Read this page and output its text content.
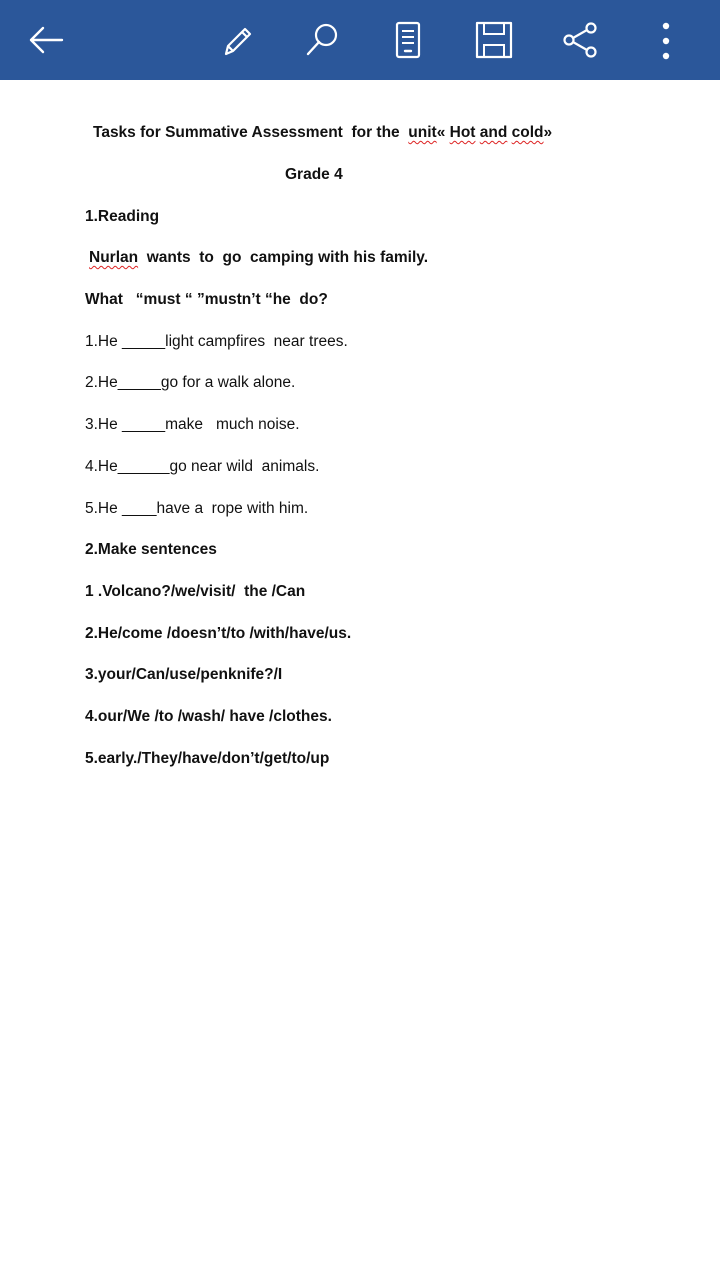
Tasks for Summative Assessment  for the  unit« Hot and cold»
Grade 4
1.Reading
Nurlan  wants  to  go  camping with his family.
What   “must “ ”mustn’t “he  do?
1.He _____light campfires  near trees.
2.He_____go for a walk alone.
3.He _____make   much noise.
4.He______go near wild  animals.
5.He ____have a  rope with him.
2.Make sentences
1 .Volcano?/we/visit/  the /Can
2.He/come /doesn’t/to /with/have/us.
3.your/Can/use/penknife?/I
4.our/We /to /wash/ have /clothes.
5.early./They/have/don’t/get/to/up
